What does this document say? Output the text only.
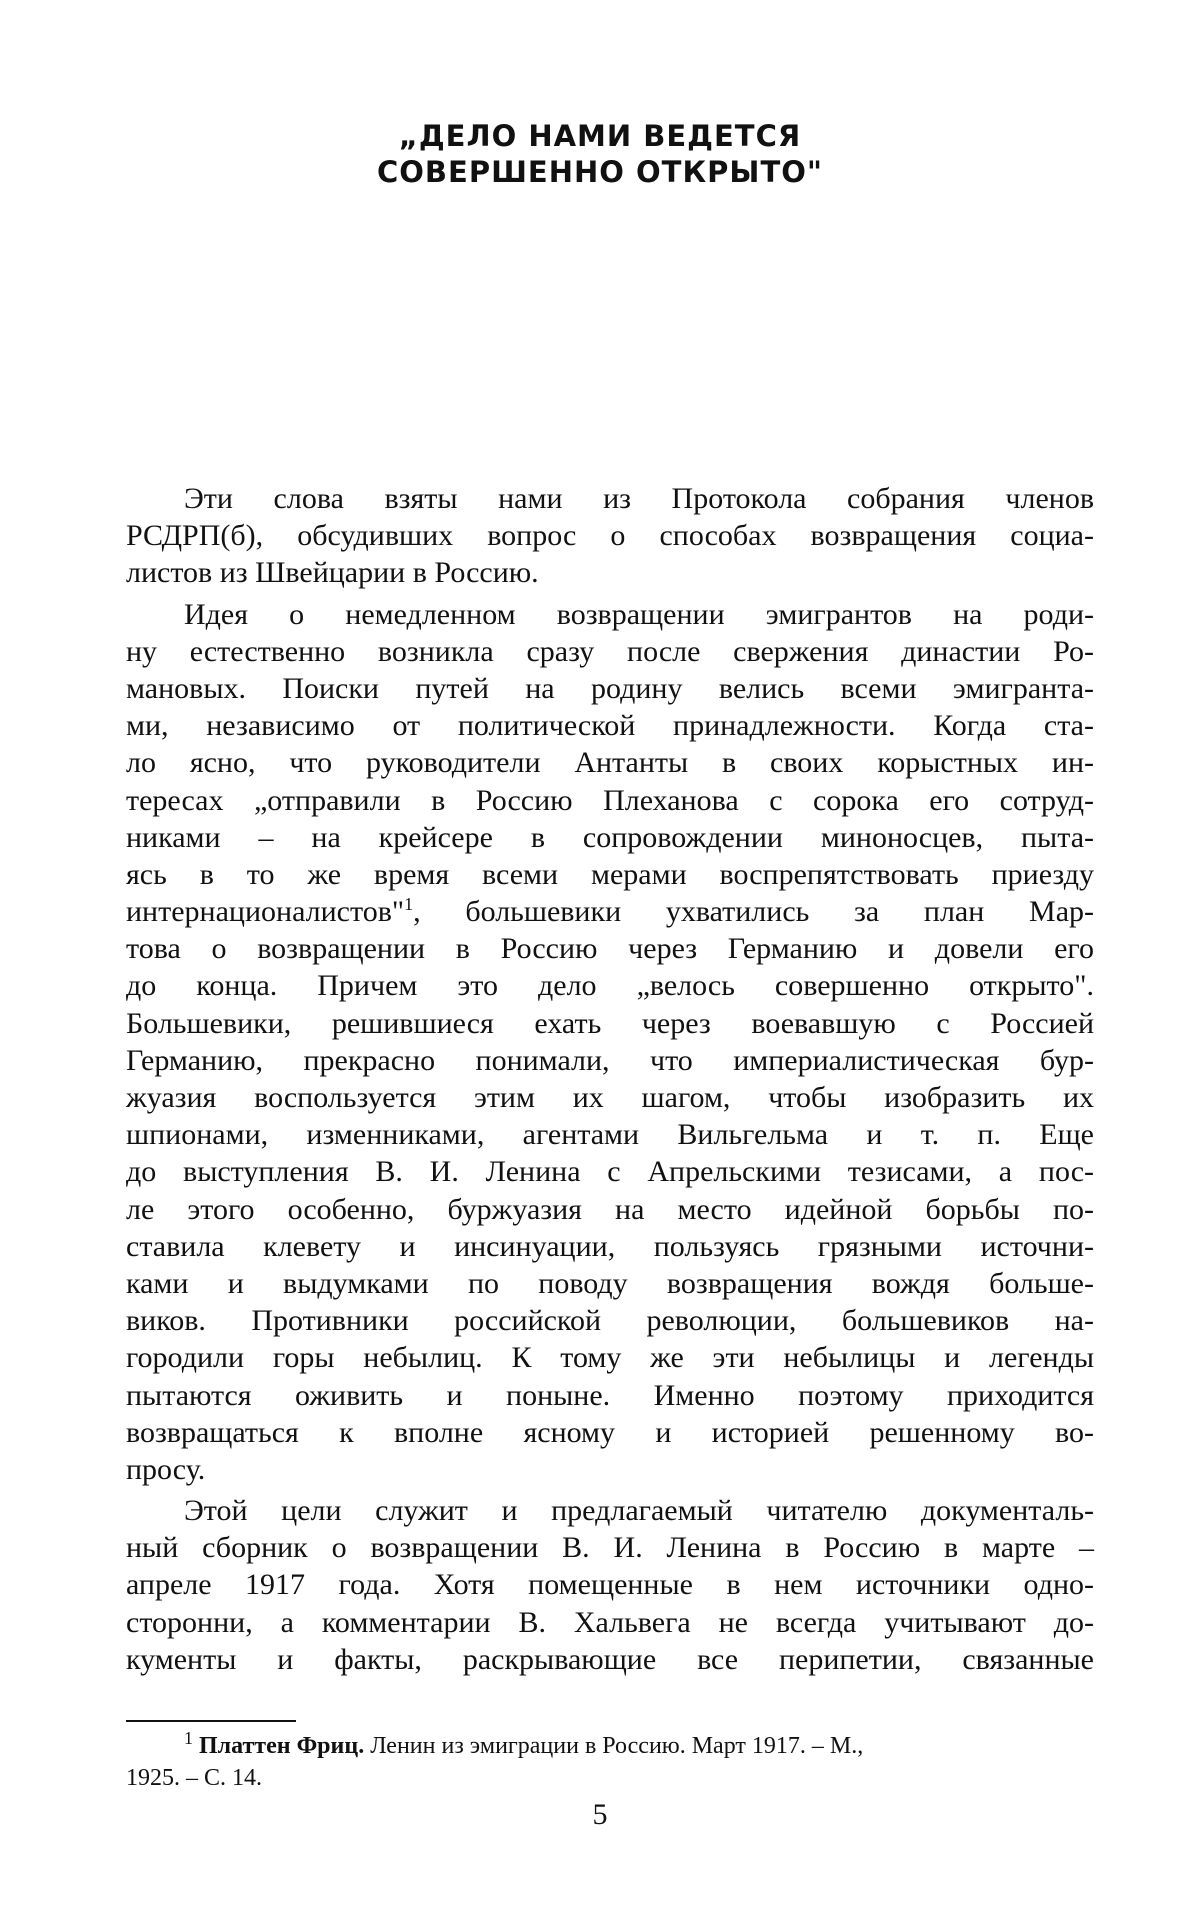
„ДЕЛО НАМИ ВЕДЕТСЯ
СОВЕРШЕННО ОТКРЫТО"
Эти слова взяты нами из Протокола собрания членов
РСДРП(б), обсудивших вопрос о способах возвращения социа-
листов из Швейцарии в Россию.
Идея о немедленном возвращении эмигрантов на роди-
ну естественно возникла сразу после свержения династии Ро-
мановых. Поиски путей на родину велись всеми эмигранта-
ми, независимо от политической принадлежности. Когда ста-
ло ясно, что руководители Антанты в своих корыстных ин-
тересах „отправили в Россию Плеханова с сорока его сотруд-
никами – на крейсере в сопровождении миноносцев, пыта-
ясь в то же время всеми мерами воспрепятствовать приезду
интернационалистов"$^1$, большевики ухватились за план Мар-
това о возвращении в Россию через Германию и довели его
до конца. Причем это дело „велось совершенно открыто".
Большевики, решившиеся ехать через воевавшую с Россией
Германию, прекрасно понимали, что империалистическая бур-
жуазия воспользуется этим их шагом, чтобы изобразить их
шпионами, изменниками, агентами Вильгельма и т. п. Еще
до выступления В. И. Ленина с Апрельскими тезисами, а пос-
ле этого особенно, буржуазия на место идейной борьбы по-
ставила клевету и инсинуации, пользуясь грязными источни-
ками и выдумками по поводу возвращения вождя больше-
виков. Противники российской революции, большевиков на-
городили горы небылиц. К тому же эти небылицы и легенды
пытаются оживить и поныне. Именно поэтому приходится
возвращаться к вполне ясному и историей решенному во-
просу.
Этой цели служит и предлагаемый читателю документаль-
ный сборник о возвращении В. И. Ленина в Россию в марте –
апреле 1917 года. Хотя помещенные в нем источники одно-
сторонни, а комментарии В. Хальвега не всегда учитывают до-
кументы и факты, раскрывающие все перипетии, связанные
$^1$ Платтен Фриц. Ленин из эмиграции в Россию. Март 1917. – М.,
1925. – С. 14.
5
